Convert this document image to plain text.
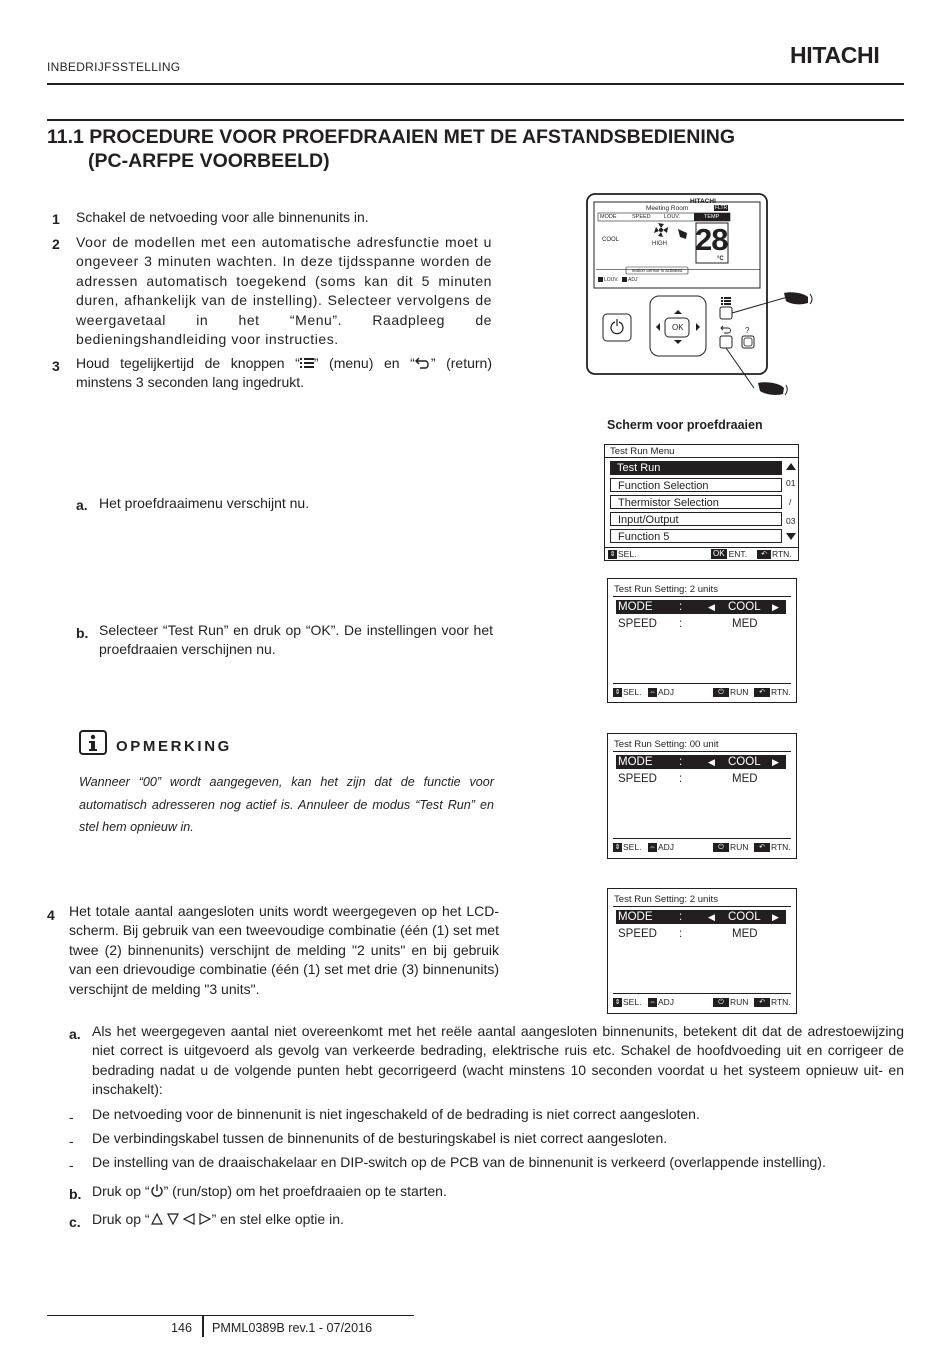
INBEDRIJFSSTELLING	HITACHI
11.1 PROCEDURE VOOR PROEFDRAAIEN MET DE AFSTANDSBEDIENING
(PC-ARFPE VOORBEELD)
1 Schakel de netvoeding voor alle binnenunits in.
2 Voor de modellen met een automatische adresfunctie moet u ongeveer 3 minuten wachten. In deze tijdsspanne worden de adressen automatisch toegekend (soms kan dit 5 minuten duren, afhankelijk van de instelling). Selecteer vervolgens de weergavetaal in het “Menu”. Raadpleeg de bedieningshandleiding voor instructies.
3 Houd tegelijkertijd de knoppen “ ” (menu) en “ ” (return) minstens 3 seconden lang ingedrukt.
a. Het proefdraaimenu verschijnt nu.
b. Selecteer “Test Run” en druk op “OK”. De instellingen voor het proefdraaien verschijnen nu.
OPMERKING
Wanneer “00” wordt aangegeven, kan het zijn dat de functie voor automatisch adresseren nog actief is. Annuleer de modus “Test Run” en stel hem opnieuw in.
4 Het totale aantal aangesloten units wordt weergegeven op het LCD-scherm. Bij gebruik van een tweevoudige combinatie (één (1) set met twee (2) binnenunits) verschijnt de melding "2 units" en bij gebruik van een drievoudige combinatie (één (1) set met drie (3) binnenunits) verschijnt de melding "3 units".
a. Als het weergegeven aantal niet overeenkomt met het reële aantal aangesloten binnenunits, betekent dit dat de adrestoewijzing niet correct is uitgevoerd als gevolg van verkeerde bedrading, elektrische ruis etc. Schakel de hoofdvoeding uit en corrigeer de bedrading nadat u de volgende punten hebt gecorrigeerd (wacht minstens 10 seconden voordat u het systeem opnieuw uit- en inschakelt):
- De netvoeding voor de binnenunit is niet ingeschakeld of de bedrading is niet correct aangesloten.
- De verbindingskabel tussen de binnenunits of de besturingskabel is niet correct aangesloten.
- De instelling van de draaischakelaar en DIP-switch op de PCB van de binnenunit is verkeerd (overlappende instelling).
b. Druk op “ ” (run/stop) om het proefdraaien op te starten.
c. Druk op “	” en stel elke optie in.
HITACHI
Meeting Room	FLTR
MODE	SPEED LOUV.	TEMP
COOL
HIGH 28
°C
Motion Sensor is activated
LOUV. ADJ
OK	?
Scherm voor proefdraaien
Test Run Menu
Test Run
Function Selection
Thermistor Selection
Input/Output
Function 5
01
/
03
⇕ SEL.	OK ENT.	↶ RTN.
Test Run Setting: 2 units
MODE :	◀ COOL ▶
SPEED :	MED
⇕ SEL. ⇔ ADJ	⏻ RUN	↶ RTN.
Test Run Setting: 00 unit
MODE :	◀ COOL ▶
SPEED :	MED
⇕ SEL. ⇔ ADJ	⏻ RUN	↶ RTN.
Test Run Setting: 2 units
MODE :	◀ COOL ▶
SPEED :	MED
⇕ SEL. ⇔ ADJ	⏻ RUN	↶ RTN.
146 PMML0389B rev.1 - 07/2016
